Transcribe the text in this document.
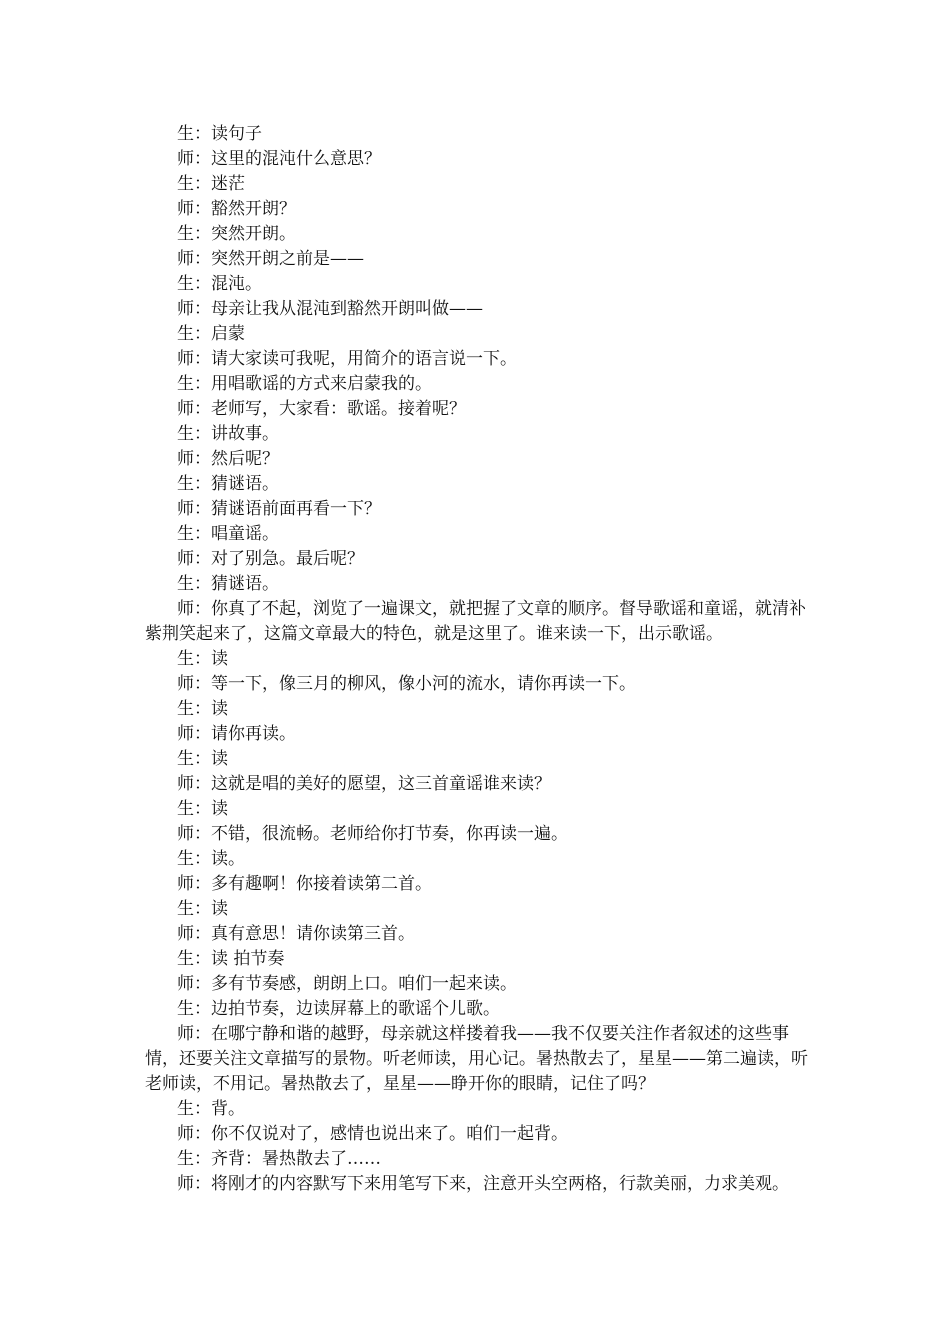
生：读句子

师：这里的混沌什么意思？

生：迷茫

师：豁然开朗？

生：突然开朗。

师：突然开朗之前是——

生：混沌。

师：母亲让我从混沌到豁然开朗叫做——

生：启蒙

师：请大家读可我呢，用简介的语言说一下。

生：用唱歌谣的方式来启蒙我的。

师：老师写，大家看：歌谣。接着呢？

生：讲故事。

师：然后呢？

生：猜谜语。

师：猜谜语前面再看一下？

生：唱童谣。

师：对了别急。最后呢？

生：猜谜语。

师：你真了不起，浏览了一遍课文，就把握了文章的顺序。督导歌谣和童谣，就清补紫荆笑起来了，这篇文章最大的特色，就是这里了。谁来读一下，出示歌谣。

生：读

师：等一下，像三月的柳风，像小河的流水，请你再读一下。

生：读

师：请你再读。

生：读

师：这就是唱的美好的愿望，这三首童谣谁来读？

生：读

师：不错，很流畅。老师给你打节奏，你再读一遍。

生：读。

师：多有趣啊！你接着读第二首。

生：读

师：真有意思！请你读第三首。

生：读 拍节奏

师：多有节奏感，朗朗上口。咱们一起来读。

生：边拍节奏，边读屏幕上的歌谣个儿歌。

师：在哪宁静和谐的越野，母亲就这样搂着我——我不仅要关注作者叙述的这些事情，还要关注文章描写的景物。听老师读，用心记。暑热散去了，星星——第二遍读，听老师读，不用记。暑热散去了，星星——睁开你的眼睛，记住了吗？

生：背。

师：你不仅说对了，感情也说出来了。咱们一起背。

生：齐背：暑热散去了……

师：将刚才的内容默写下来用笔写下来，注意开头空两格，行款美丽，力求美观。
